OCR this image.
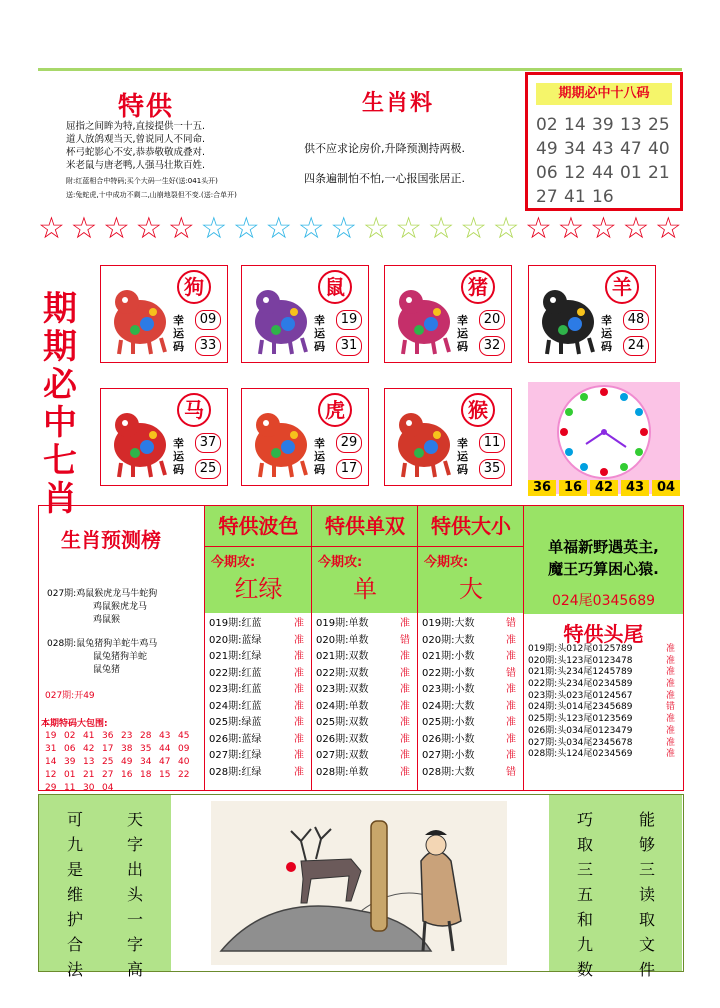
特供
屈指之间眸为特,直接提供一十五.
道人放鸽观当天,曾说同人不同命.
杯弓蛇影心不安,恭恭敬敬成叠对.
米老鼠与唐老鸭,人强马壮欺百姓.
附:红蓝相合中特码;买个大码一生好(送:041头开)
送:兔蛇虎,十中成功不剩二,山崩地裂但不变.(送:合单开)
生肖料
供不应求论房价,升降预测持两极.
四条遍制怕不怕,一心报国张居正.
期期必中十八码
02 14 39 13 25
49 34 43 47 40
06 12 44 01 21
27 41 16
☆ ☆ ☆ ☆ ☆ ☆ ☆ ☆ ☆ ☆ ☆ ☆ ☆ ☆ ☆ ☆ ☆ ☆ ☆ ☆
期
期
必
中
七
肖
狗
幸运码
09
33
鼠
幸运码
19
31
猪
幸运码
20
32
羊
幸运码
48
24
马
幸运码
37
25
虎
幸运码
29
17
猴
幸运码
11
35
36 16 42 43 04
生肖预测榜
027期:鸡鼠猴虎龙马牛蛇狗
鸡鼠猴虎龙马
鸡鼠猴
028期:鼠兔猪狗羊蛇牛鸡马
鼠兔猪狗羊蛇
鼠兔猪
027期:开49
本期特码大包围:
19 02 41 36 23 28 43 45
31 06 42 17 38 35 44 09
14 39 13 25 49 34 47 40
12 01 21 27 16 18 15 22
29 11 30 04
特供波色
今期攻:
红绿
019期:红蓝	准
020期:蓝绿	准
021期:红绿	准
022期:红蓝	准
023期:红蓝	准
024期:红蓝	准
025期:绿蓝	准
026期:蓝绿	准
027期:红绿	准
028期:红绿	准
特供单双
今期攻:
单
019期:单数	准
020期:单数	错
021期:双数	准
022期:双数	准
023期:双数	准
024期:单数	准
025期:双数	准
026期:双数	准
027期:双数	准
028期:单数	准
特供大小
今期攻:
大
019期:大数	错
020期:大数	准
021期:小数	准
022期:小数	错
023期:小数	准
024期:大数	准
025期:小数	准
026期:小数	准
027期:小数	准
028期:大数	错
单福新野遇英主,
魔王巧算困心猿.
024尾0345689
特供头尾
019期:头012尾0125789	准
020期:头123尾0123478	准
021期:头234尾1245789	准
022期:头234尾0234589	准
023期:头023尾0124567	准
024期:头014尾2345689	错
025期:头123尾0123569	准
026期:头034尾0123479	准
027期:头034尾2345678	准
028期:头124尾0234569	准
可
九
是
维
护
合
法
天
字
出
头
一
字
高
巧
取
三
五
和
九
数
能
够
三
读
取
文
件
